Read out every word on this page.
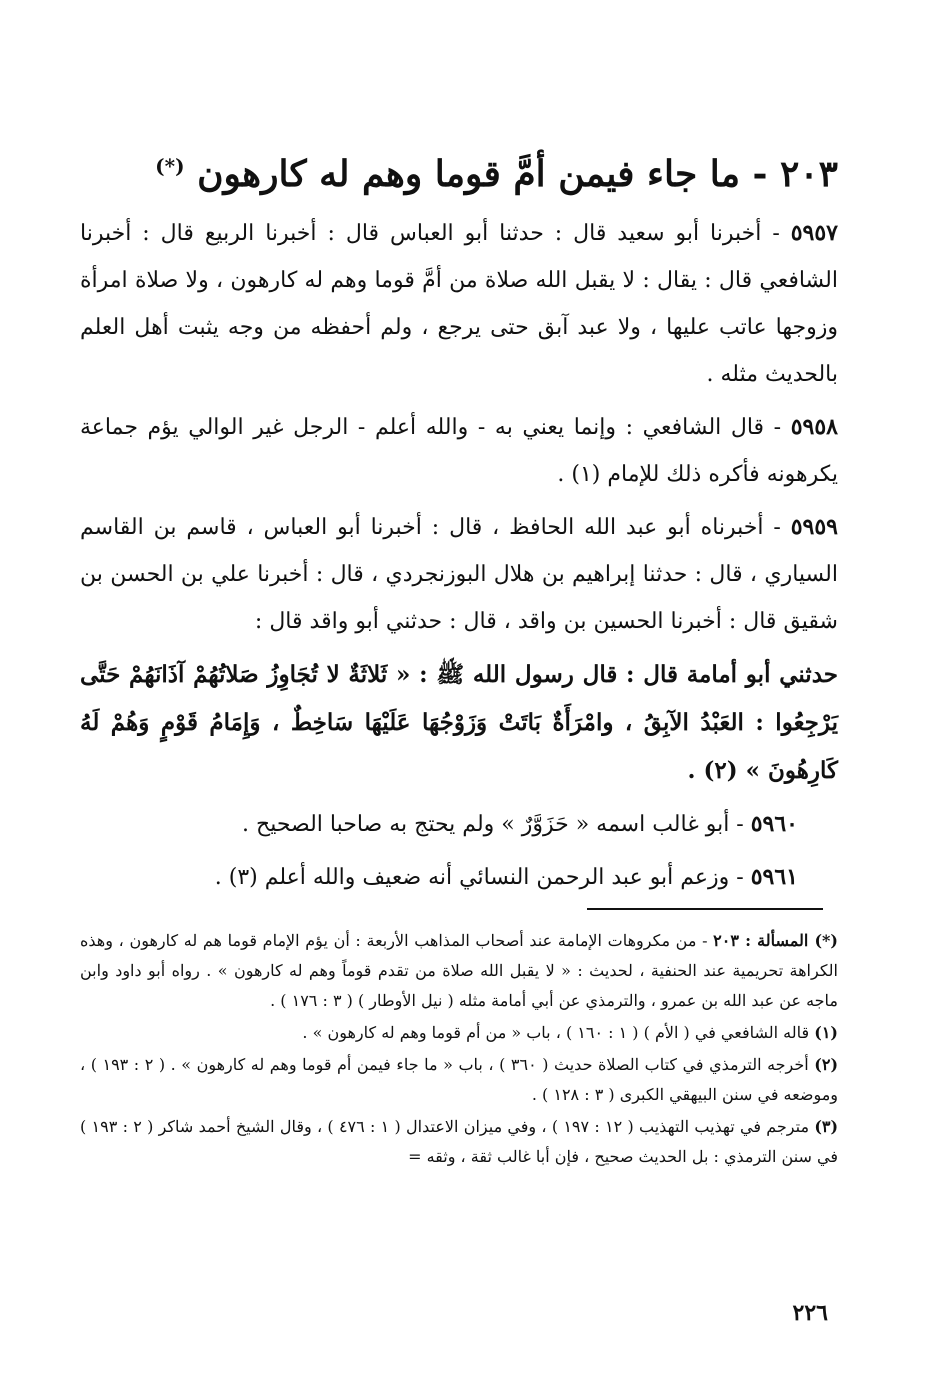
٢٠٣ - ما جاء فيمن أمَّ قوما وهم له كارهون (*)

٥٩٥٧ - أخبرنا أبو سعيد قال : حدثنا أبو العباس قال : أخبرنا الربيع قال : أخبرنا الشافعي قال : يقال : لا يقبل الله صلاة من أمَّ قوما وهم له كارهون ، ولا صلاة امرأة وزوجها عاتب عليها ، ولا عبد آبق حتى يرجع ، ولم أحفظه من وجه يثبت أهل العلم بالحديث مثله .

٥٩٥٨ - قال الشافعي : وإنما يعني به - والله أعلم - الرجل غير الوالي يؤم جماعة يكرهونه فأكره ذلك للإمام (١) .

٥٩٥٩ - أخبرناه أبو عبد الله الحافظ ، قال : أخبرنا أبو العباس ، قاسم بن القاسم السياري ، قال : حدثنا إبراهيم بن هلال البوزنجردي ، قال : أخبرنا علي بن الحسن بن شقيق قال : أخبرنا الحسين بن واقد ، قال : حدثني أبو واقد قال :

حدثني أبو أمامة قال : قال رسول الله ﷺ : « ثَلاثَةٌ لا تُجَاوِزُ صَلاتُهُمْ آذَانَهُمْ حَتَّى يَرْجِعُوا : العَبْدُ الآبِقُ ، وامْرَأَةٌ بَاتَتْ وَزَوْجُهَا عَلَيْهَا سَاخِطٌ ، وَإِمَامُ قَوْمٍ وَهُمْ لَهُ كَارِهُونَ » (٢) .

٥٩٦٠ - أبو غالب اسمه « حَزَوَّرٌ » ولم يحتج به صاحبا الصحيح .

٥٩٦١ - وزعم أبو عبد الرحمن النسائي أنه ضعيف والله أعلم (٣) .

(*) المسألة : ٢٠٣ - من مكروهات الإمامة عند أصحاب المذاهب الأربعة : أن يؤم الإمام قوما هم له كارهون ، وهذه الكراهة تحريمية عند الحنفية ، لحديث : « لا يقبل الله صلاة من تقدم قوماً وهم له كارهون » . رواه أبو داود وابن ماجه عن عبد الله بن عمرو ، والترمذي عن أبي أمامة مثله ( نيل الأوطار ) ( ٣ : ١٧٦ ) .

(١) قاله الشافعي في ( الأم ) ( ١ : ١٦٠ ) ، باب « من أم قوما وهم له كارهون » .

(٢) أخرجه الترمذي في كتاب الصلاة حديث ( ٣٦٠ ) ، باب « ما جاء فيمن أم قوما وهم له كارهون » . ( ٢ : ١٩٣ ) ، وموضعه في سنن البيهقي الكبرى ( ٣ : ١٢٨ ) .

(٣) مترجم في تهذيب التهذيب ( ١٢ : ١٩٧ ) ، وفي ميزان الاعتدال ( ١ : ٤٧٦ ) ، وقال الشيخ أحمد شاكر ( ٢ : ١٩٣ ) في سنن الترمذي : بل الحديث صحيح ، فإن أبا غالب ثقة ، وثقه =

٢٢٦
